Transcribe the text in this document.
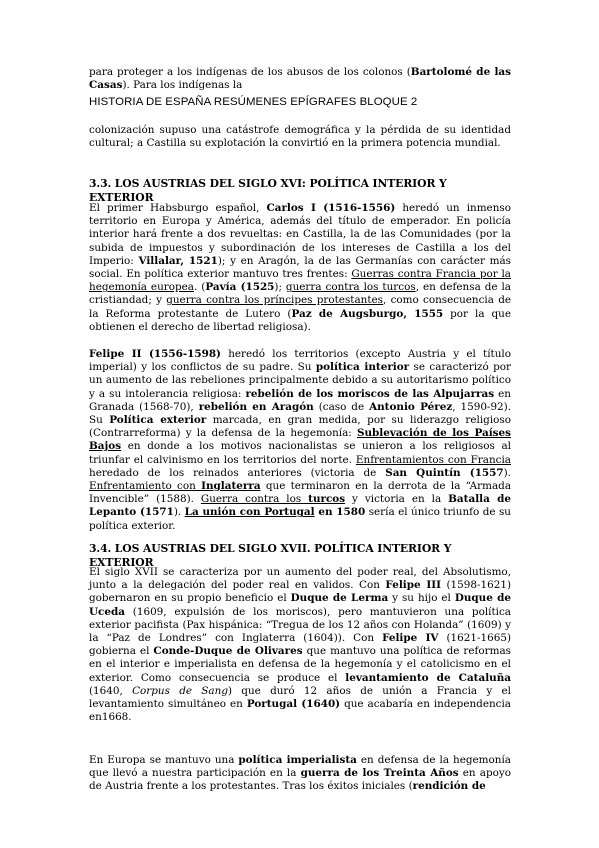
para proteger a los indígenas de los abusos de los colonos (Bartolomé de las Casas). Para los indígenas la

HISTORIA DE ESPAÑA RESÚMENES EPÍGRAFES BLOQUE 2

colonización supuso una catástrofe demográfica y la pérdida de su identidad cultural; a Castilla su explotación la convirtió en la primera potencia mundial.

3.3. LOS AUSTRIAS DEL SIGLO XVI: POLÍTICA INTERIOR Y EXTERIOR

El primer Habsburgo español, Carlos I (1516-1556) heredó un inmenso territorio en Europa y América, además del título de emperador. En policía interior hará frente a dos revueltas: en Castilla, la de las Comunidades (por la subida de impuestos y subordinación de los intereses de Castilla a los del Imperio: Villalar, 1521); y en Aragón, la de las Germanías con carácter más social. En política exterior mantuvo tres frentes: Guerras contra Francia por la hegemonía europea. (Pavía (1525); guerra contra los turcos, en defensa de la cristiandad; y guerra contra los príncipes protestantes, como consecuencia de la Reforma protestante de Lutero (Paz de Augsburgo, 1555 por la que obtienen el derecho de libertad religiosa).

Felipe II (1556-1598) heredó los territorios (excepto Austria y el título imperial) y los conflictos de su padre. Su política interior se caracterizó por un aumento de las rebeliones principalmente debido a su autoritarismo político y a su intolerancia religiosa: rebelión de los moriscos de las Alpujarras en Granada (1568-70), rebelión en Aragón (caso de Antonio Pérez, 1590-92). Su Política exterior marcada, en gran medida, por su liderazgo religioso (Contrarreforma) y la defensa de la hegemonía: Sublevación de los Países Bajos en donde a los motivos nacionalistas se unieron a los religiosos al triunfar el calvinismo en los territorios del norte. Enfrentamientos con Francia heredado de los reinados anteriores (victoria de San Quintín (1557). Enfrentamiento con Inglaterra que terminaron en la derrota de la “Armada Invencible” (1588). Guerra contra los turcos y victoria en la Batalla de Lepanto (1571). La unión con Portugal en 1580 sería el único triunfo de su política exterior.

3.4. LOS AUSTRIAS DEL SIGLO XVII. POLÍTICA INTERIOR Y EXTERIOR

El siglo XVII se caracteriza por un aumento del poder real, del Absolutismo, junto a la delegación del poder real en validos. Con Felipe III (1598-1621) gobernaron en su propio beneficio el Duque de Lerma y su hijo el Duque de Uceda (1609, expulsión de los moriscos), pero mantuvieron una política exterior pacifista (Pax hispánica: “Tregua de los 12 años con Holanda” (1609) y la “Paz de Londres” con Inglaterra (1604)). Con Felipe IV (1621-1665) gobierna el Conde-Duque de Olivares que mantuvo una política de reformas en el interior e imperialista en defensa de la hegemonía y el catolicismo en el exterior. Como consecuencia se produce el levantamiento de Cataluña (1640, Corpus de Sang) que duró 12 años de unión a Francia y el levantamiento simultáneo en Portugal (1640) que acabaría en independencia en1668.

En Europa se mantuvo una política imperialista en defensa de la hegemonía que llevó a nuestra participación en la guerra de los Treinta Años en apoyo de Austria frente a los protestantes. Tras los éxitos iniciales (rendición de
